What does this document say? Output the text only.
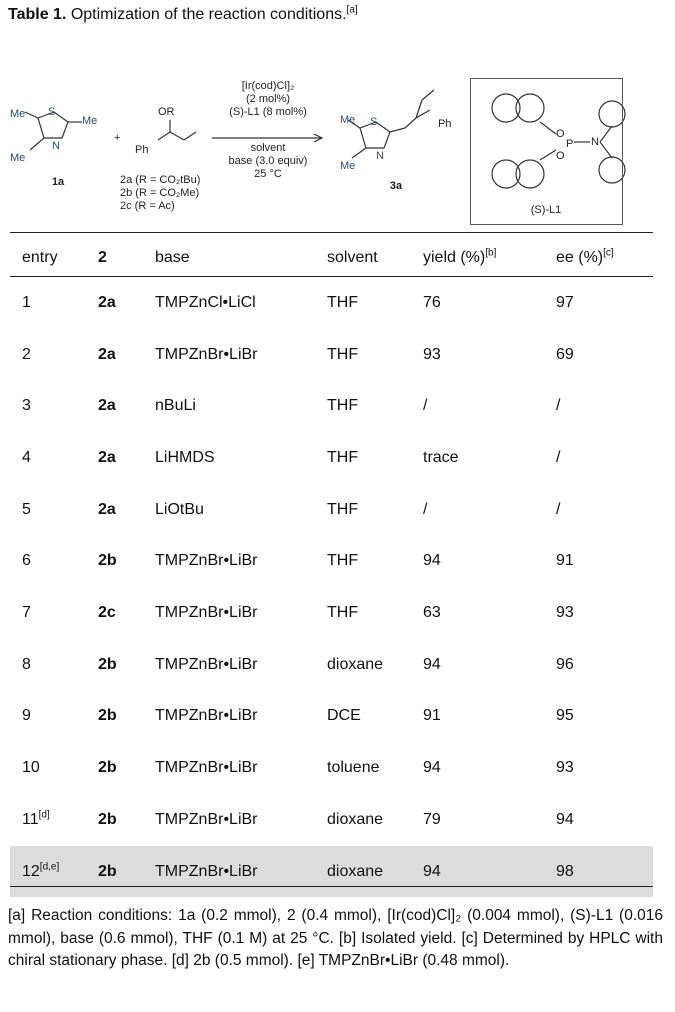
Table 1. Optimization of the reaction conditions.[a]
Me S
Me
N
Me
1a
+
OR
Ph
2a (R = CO₂tBu)
2b (R = CO₂Me)
2c (R = Ac)
[Ir(cod)Cl]₂
(2 mol%)
(S)-L1 (8 mol%)
solvent
base (3.0 equiv)
25 °C
Me S
N
Me
Ph
3a
O
P
O
N
(S)-L1
entry	2	base	solvent	yield (%)[b]	ee (%)[c]
1	2a TMPZnCl•LiCl	THF	76	97
2	2a TMPZnBr•LiBr	THF	93	69
3	2a nBuLi	THF	/	/
4	2a LiHMDS	THF	trace	/
5	2a LiOtBu	THF	/	/
6	2b TMPZnBr•LiBr	THF	94	91
7	2c TMPZnBr•LiBr	THF	63	93
8	2b TMPZnBr•LiBr	dioxane 94	96
9	2b TMPZnBr•LiBr	DCE	91	95
10	2b TMPZnBr•LiBr	toluene	94	93
11[d]	2b TMPZnBr•LiBr	dioxane 79	94
12[d,e] 2b TMPZnBr•LiBr	dioxane 94	98
[a] Reaction conditions: 1a (0.2 mmol), 2 (0.4 mmol), [Ir(cod)Cl]₂ (0.004 mmol), (S)-L1 (0.016 mmol), base (0.6 mmol), THF (0.1 M) at 25 °C. [b] Isolated yield. [c] Determined by HPLC with chiral stationary phase. [d] 2b (0.5 mmol). [e] TMPZnBr•LiBr (0.48 mmol).
